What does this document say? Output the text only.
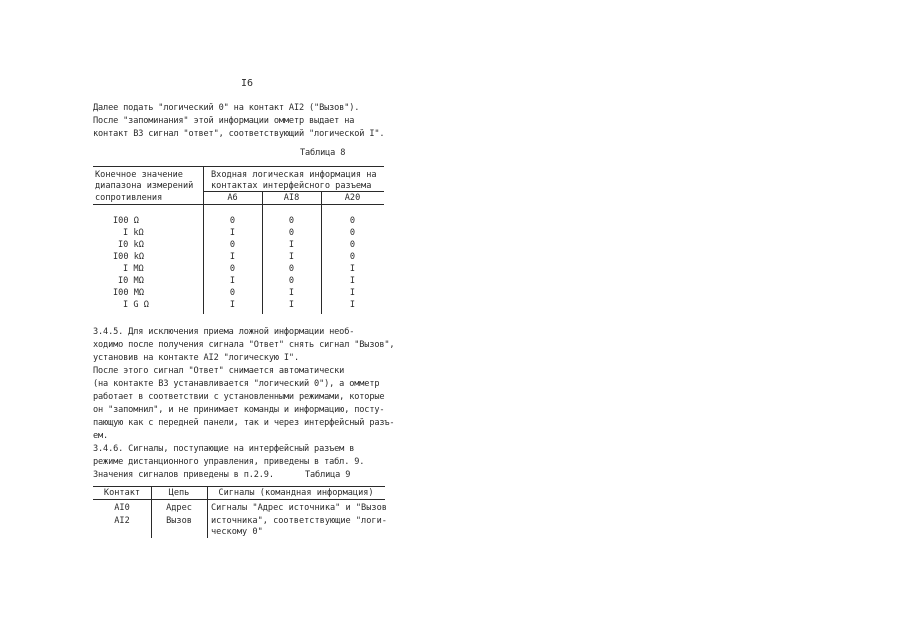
I6
Далее подать "логический 0" на контакт AI2 ("Вызов").
После "запоминания" этой информации омметр выдает на
контакт B3 сигнал "ответ", соответствующий "логической I".
Таблица 8
Конечное значение
диапазона измерений
сопротивления
Входная логическая информация на
контактах интерфейсного разъема
A6	AI8	A20
I00 Ω	0	0	0
I kΩ	I	0	0
I0 kΩ	0	I	0
I00 kΩ	I	I	0
I MΩ	0	0	I
I0 MΩ	I	0	I
I00 MΩ	0	I	I
I G Ω	I	I	I
3.4.5. Для исключения приема ложной информации необ-
ходимо после получения сигнала "Ответ" снять сигнал "Вызов",
установив на контакте AI2 "логическую I".
После этого сигнал "Ответ" снимается автоматически
(на контакте B3 устанавливается "логический 0"), а омметр
работает в соответствии с установленными режимами, которые
он "запомнил", и не принимает команды и информацию, посту-
пающую как с передней панели, так и через интерфейсный разъ-
ем.
3.4.6. Сигналы, поступающие на интерфейсный разъем в
режиме дистанционного управления, приведены в табл. 9.
Значения сигналов приведены в п.2.9.	Таблица 9
Контакт	Цепь	Сигналы (командная информация)
AI0	Адрес	Сигналы "Адрес источника" и "Вызов
AI2	Вызов	источника", соответствующие "логи-
ческому 0"
